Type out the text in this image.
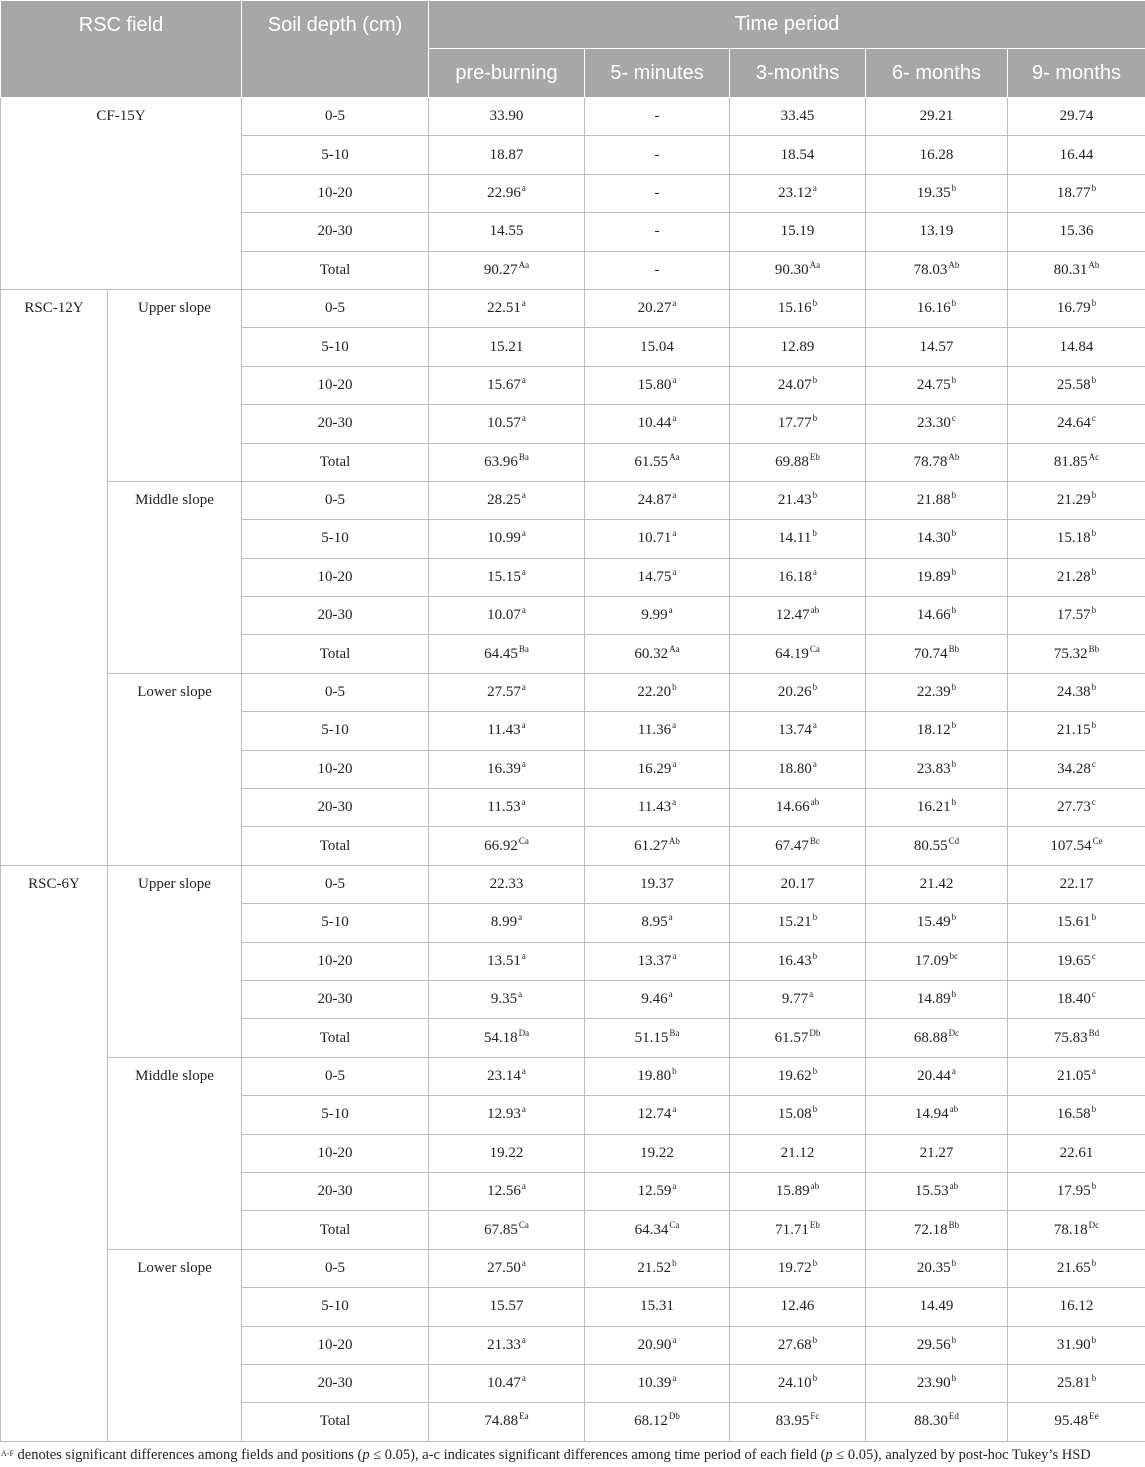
RSC field		Soil depth (cm)	Time period				
			pre-burning	5- minutes	3-months	6- months	9- months
CF-15Y		0-5	33.90	-	33.45	29.21	29.74
		5-10	18.87	-	18.54	16.28	16.44
		10-20	22.96$^a$	-	23.12$^a$	19.35$^b$	18.77$^b$
		20-30	14.55	-	15.19	13.19	15.36
		Total	$90.27^{Aa}$	-	$90.30^{Aa}$	$78.03^{Ab}$	$80.31^{Ab}$
RSC-12Y	Upper slope	0-5	22.51$^a$	20.27$^a$	15.16$^b$	16.16$^b$	16.79$^b$
		5-10	15.21	15.04	12.89	14.57	14.84
		10-20	15.67$^a$	15.80$^a$	24.07$^b$	24.75$^b$	25.58$^b$
		20-30	10.57$^a$	10.44$^a$	17.77$^b$	23.30$^c$	24.64$^c$
		Total	$63.96^{Ba}$	$61.55^{Aa}$	$69.88^{Eb}$	$78.78^{Ab}$	$81.85^{Ac}$
	Middle slope	0-5	28.25$^a$	24.87$^a$	21.43$^b$	21.88$^b$	21.29$^b$
		5-10	10.99$^a$	10.71$^a$	14.11$^b$	14.30$^b$	15.18$^b$
		10-20	15.15$^a$	14.75$^a$	16.18$^a$	19.89$^b$	21.28$^b$
		20-30	10.07$^a$	9.99$^a$	12.47$^{ab}$	14.66$^b$	17.57$^b$
		Total	$64.45^{Ba}$	$60.32^{Aa}$	$64.19^{Ca}$	$70.74^{Bb}$	$75.32^{Bb}$
	Lower slope	0-5	27.57$^a$	22.20$^b$	20.26$^b$	22.39$^b$	24.38$^b$
		5-10	11.43$^a$	11.36$^a$	13.74$^a$	18.12$^b$	21.15$^b$
		10-20	16.39$^a$	16.29$^a$	18.80$^a$	23.83$^b$	34.28$^c$
		20-30	11.53$^a$	11.43$^a$	14.66$^{ab}$	16.21$^b$	27.73$^c$
		Total	$66.92^{Ca}$	$61.27^{Ab}$	$67.47^{Bc}$	$80.55^{Cd}$	$107.54^{Ce}$
RSC-6Y	Upper slope	0-5	22.33	19.37	20.17	21.42	22.17
		5-10	8.99$^a$	8.95$^a$	15.21$^b$	15.49$^b$	15.61$^b$
		10-20	13.51$^a$	13.37$^a$	16.43$^b$	17.09$^{bc}$	19.65$^c$
		20-30	9.35$^a$	9.46$^a$	9.77$^a$	14.89$^b$	18.40$^c$
		Total	$54.18^{Da}$	$51.15^{Ba}$	$61.57^{Db}$	$68.88^{Dc}$	$75.83^{Bd}$
	Middle slope	0-5	23.14$^a$	19.80$^b$	19.62$^b$	20.44$^a$	21.05$^a$
		5-10	12.93$^a$	12.74$^a$	15.08$^b$	14.94$^{ab}$	16.58$^b$
		10-20	19.22	19.22	21.12	21.27	22.61
		20-30	12.56$^a$	12.59$^a$	15.89$^{ab}$	15.53$^{ab}$	17.95$^b$
		Total	$67.85^{Ca}$	$64.34^{Ca}$	$71.71^{Eb}$	$72.18^{Bb}$	$78.18^{Dc}$
	Lower slope	0-5	27.50$^a$	21.52$^b$	19.72$^b$	20.35$^b$	21.65$^b$
		5-10	15.57	15.31	12.46	14.49	16.12
		10-20	21.33$^a$	20.90$^a$	27.68$^b$	29.56$^b$	31.90$^b$
		20-30	10.47$^a$	10.39$^a$	24.10$^b$	23.90$^b$	25.81$^b$
		Total	$74.88^{Ea}$	$68.12^{Db}$	$83.95^{Fc}$	$88.30^{Ed}$	$95.48^{Ee}$
$^{A-F}$ denotes significant differences among fields and positions (p ≤ 0.05), a-c indicates significant differences among time period of each field (p ≤ 0.05), analyzed by post-hoc Tukey’s HSD
